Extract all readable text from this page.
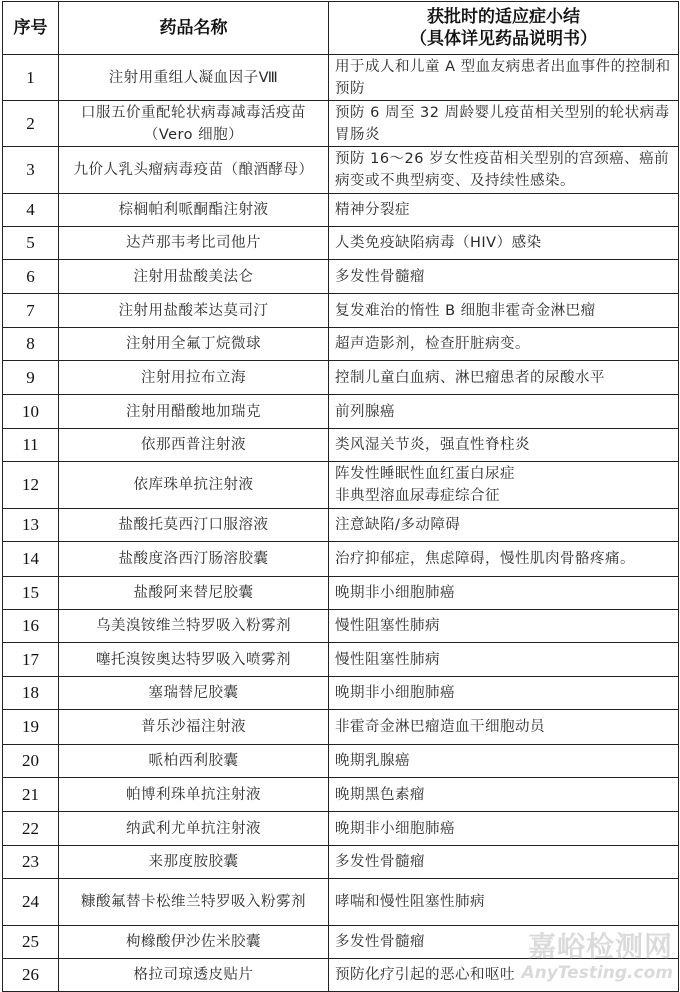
序号	药品名称	获批时的适应症小结
（具体详见药品说明书）

1	注射用重组人凝血因子Ⅷ	用于成人和儿童 A 型血友病患者出血事件的控制和预防
2	口服五价重配轮状病毒减毒活疫苗（Vero 细胞）	预防 6 周至 32 周龄婴儿疫苗相关型别的轮状病毒胃肠炎
3	九价人乳头瘤病毒疫苗（酿酒酵母）	预防 16～26 岁女性疫苗相关型别的宫颈癌、癌前病变或不典型病变、及持续性感染。
4	棕榈帕利哌酮酯注射液	精神分裂症
5	达芦那韦考比司他片	人类免疫缺陷病毒（HIV）感染
6	注射用盐酸美法仑	多发性骨髓瘤
7	注射用盐酸苯达莫司汀	复发难治的惰性 B 细胞非霍奇金淋巴瘤
8	注射用全氟丁烷微球	超声造影剂，检查肝脏病变。
9	注射用拉布立海	控制儿童白血病、淋巴瘤患者的尿酸水平
10	注射用醋酸地加瑞克	前列腺癌
11	依那西普注射液	类风湿关节炎，强直性脊柱炎
12	依库珠单抗注射液	阵发性睡眠性血红蛋白尿症
非典型溶血尿毒症综合征

13	盐酸托莫西汀口服溶液	注意缺陷/多动障碍
14	盐酸度洛西汀肠溶胶囊	治疗抑郁症，焦虑障碍，慢性肌肉骨骼疼痛。
15	盐酸阿来替尼胶囊	晚期非小细胞肺癌
16	乌美溴铵维兰特罗吸入粉雾剂	慢性阻塞性肺病
17	噻托溴铵奥达特罗吸入喷雾剂	慢性阻塞性肺病
18	塞瑞替尼胶囊	晚期非小细胞肺癌
19	普乐沙福注射液	非霍奇金淋巴瘤造血干细胞动员
20	哌柏西利胶囊	晚期乳腺癌
21	帕博利珠单抗注射液	晚期黑色素瘤
22	纳武利尤单抗注射液	晚期非小细胞肺癌
23	来那度胺胶囊	多发性骨髓瘤
24	糠酸氟替卡松维兰特罗吸入粉雾剂	哮喘和慢性阻塞性肺病
25	枸橼酸伊沙佐米胶囊	多发性骨髓瘤
26	格拉司琼透皮贴片	预防化疗引起的恶心和呕吐
嘉峪检测网
AnyTesting.com
